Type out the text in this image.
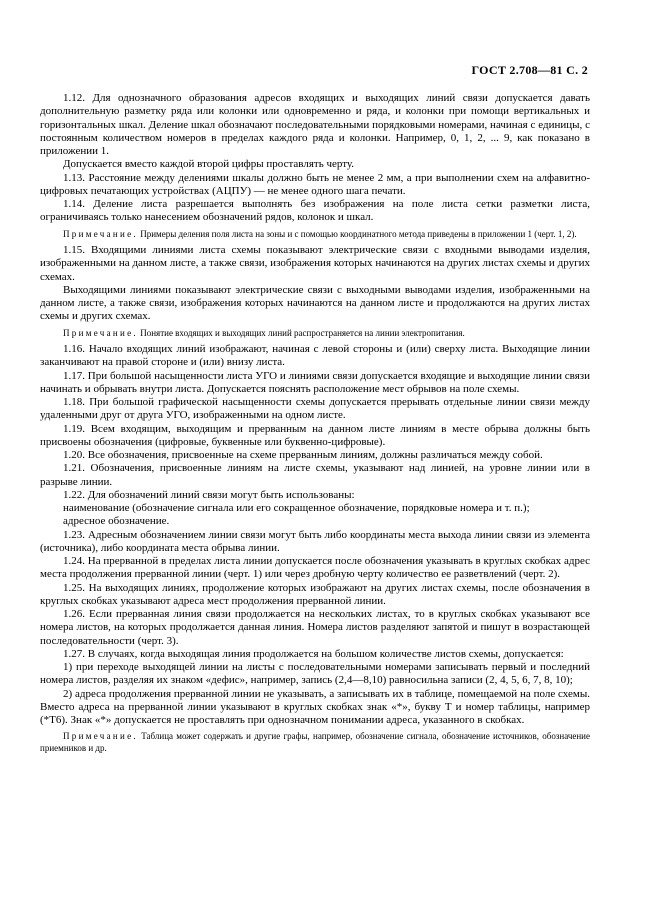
ГОСТ 2.708—81 С. 2

1.12. Для однозначного образования адресов входящих и выходящих линий связи допускается давать дополнительную разметку ряда или колонки или одновременно и ряда, и колонки при помощи вертикальных и горизонтальных шкал. Деление шкал обозначают последовательными порядковыми номерами, начиная с единицы, с постоянным количеством номеров в пределах каждого ряда и колонки. Например, 0, 1, 2, ... 9, как показано в приложении 1.

Допускается вместо каждой второй цифры проставлять черту.

1.13. Расстояние между делениями шкалы должно быть не менее 2 мм, а при выполнении схем на алфавитно-цифровых печатающих устройствах (АЦПУ) — не менее одного шага печати.

1.14. Деление листа разрешается выполнять без изображения на поле листа сетки разметки листа, ограничиваясь только нанесением обозначений рядов, колонок и шкал.

Примечание. Примеры деления поля листа на зоны и с помощью координатного метода приведены в приложении 1 (черт. 1, 2).

1.15. Входящими линиями листа схемы показывают электрические связи с входными выводами изделия, изображенными на данном листе, а также связи, изображения которых начинаются на других листах схемы и других схемах.

Выходящими линиями показывают электрические связи с выходными выводами изделия, изображенными на данном листе, а также связи, изображения которых начинаются на данном листе и продолжаются на других листах схемы и других схемах.

Примечание. Понятие входящих и выходящих линий распространяется на линии электропитания.

1.16. Начало входящих линий изображают, начиная с левой стороны и (или) сверху листа. Выходящие линии заканчивают на правой стороне и (или) внизу листа.

1.17. При большой насыщенности листа УГО и линиями связи допускается входящие и выходящие линии связи начинать и обрывать внутри листа. Допускается пояснять расположение мест обрывов на поле схемы.

1.18. При большой графической насыщенности схемы допускается прерывать отдельные линии связи между удаленными друг от друга УГО, изображенными на одном листе.

1.19. Всем входящим, выходящим и прерванным на данном листе линиям в месте обрыва должны быть присвоены обозначения (цифровые, буквенные или буквенно-цифровые).

1.20. Все обозначения, присвоенные на схеме прерванным линиям, должны различаться между собой.

1.21. Обозначения, присвоенные линиям на листе схемы, указывают над линией, на уровне линии или в разрыве линии.

1.22. Для обозначений линий связи могут быть использованы:

наименование (обозначение сигнала или его сокращенное обозначение, порядковые номера и т. п.);

адресное обозначение.

1.23. Адресным обозначением линии связи могут быть либо координаты места выхода линии связи из элемента (источника), либо координата места обрыва линии.

1.24. На прерванной в пределах листа линии допускается после обозначения указывать в круглых скобках адрес места продолжения прерванной линии (черт. 1) или через дробную черту количество ее разветвлений (черт. 2).

1.25. На выходящих линиях, продолжение которых изображают на других листах схемы, после обозначения в круглых скобках указывают адреса мест продолжения прерванной линии.

1.26. Если прерванная линия связи продолжается на нескольких листах, то в круглых скобках указывают все номера листов, на которых продолжается данная линия. Номера листов разделяют запятой и пишут в возрастающей последовательности (черт. 3).

1.27. В случаях, когда выходящая линия продолжается на большом количестве листов схемы, допускается:

1) при переходе выходящей линии на листы с последовательными номерами записывать первый и последний номера листов, разделяя их знаком «дефис», например, запись (2,4—8,10) равносильна записи (2, 4, 5, 6, 7, 8, 10);

2) адреса продолжения прерванной линии не указывать, а записывать их в таблице, помещаемой на поле схемы. Вместо адреса на прерванной линии указывают в круглых скобках знак «*», букву Т и номер таблицы, например (*Т6). Знак «*» допускается не проставлять при однозначном понимании адреса, указанного в скобках.

Примечание. Таблица может содержать и другие графы, например, обозначение сигнала, обозначение источников, обозначение приемников и др.
